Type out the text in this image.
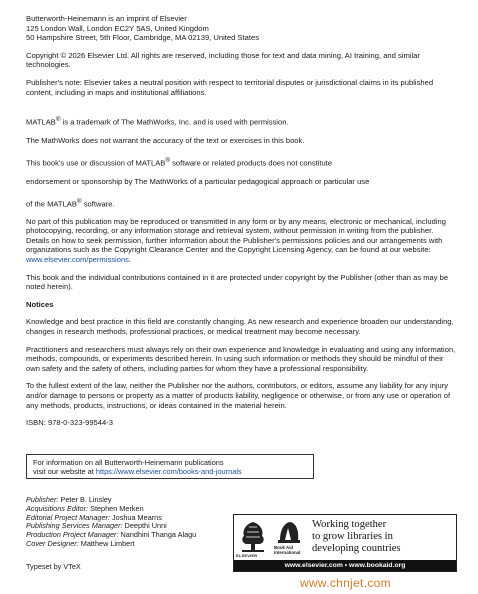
Butterworth-Heinemann is an imprint of Elsevier
125 London Wall, London EC2Y 5AS, United Kingdom
50 Hampshire Street, 5th Floor, Cambridge, MA 02139, United States

Copyright © 2026 Elsevier Ltd. All rights are reserved, including those for text and data mining, AI training, and similar technologies.

Publisher's note: Elsevier takes a neutral position with respect to territorial disputes or jurisdictional claims in its published content, including in maps and institutional affiliations.

MATLAB® is a trademark of The MathWorks, Inc. and is used with permission.

The MathWorks does not warrant the accuracy of the text or exercises in this book.

This book's use or discussion of MATLAB® software or related products does not constitute

endorsement or sponsorship by The MathWorks of a particular pedagogical approach or particular use

of the MATLAB® software.

No part of this publication may be reproduced or transmitted in any form or by any means, electronic or mechanical, including photocopying, recording, or any information storage and retrieval system, without permission in writing from the publisher. Details on how to seek permission, further information about the Publisher's permissions policies and our arrangements with organizations such as the Copyright Clearance Center and the Copyright Licensing Agency, can be found at our website:
www.elsevier.com/permissions.

This book and the individual contributions contained in it are protected under copyright by the Publisher (other than as may be noted herein).

Notices

Knowledge and best practice in this field are constantly changing. As new research and experience broaden our understanding, changes in research methods, professional practices, or medical treatment may become necessary.

Practitioners and researchers must always rely on their own experience and knowledge in evaluating and using any information, methods, compounds, or experiments described herein. In using such information or methods they should be mindful of their own safety and the safety of others, including parties for whom they have a professional responsibility.

To the fullest extent of the law, neither the Publisher nor the authors, contributors, or editors, assume any liability for any injury and/or damage to persons or property as a matter of products liability, negligence or otherwise, or from any use or operation of any methods, products, instructions, or ideas contained in the material herein.

ISBN: 978-0-323-99544-3

For information on all Butterworth-Heinemann publications
visit our website at https://www.elsevier.com/books-and-journals
Publisher: Peter B. Linsley
Acquisitions Editor: Stephen Merken
Editorial Project Manager: Joshua Mearns
Publishing Services Manager: Deepthi Unni
Production Project Manager: Nandhini Thanga Alagu
Cover Designer: Matthew Limbert
Typeset by VTeX
ELSEVIER
Book Aid
International
Working together
to grow libraries in
developing countries
www.elsevier.com • www.bookaid.org
www.chnjet.com
